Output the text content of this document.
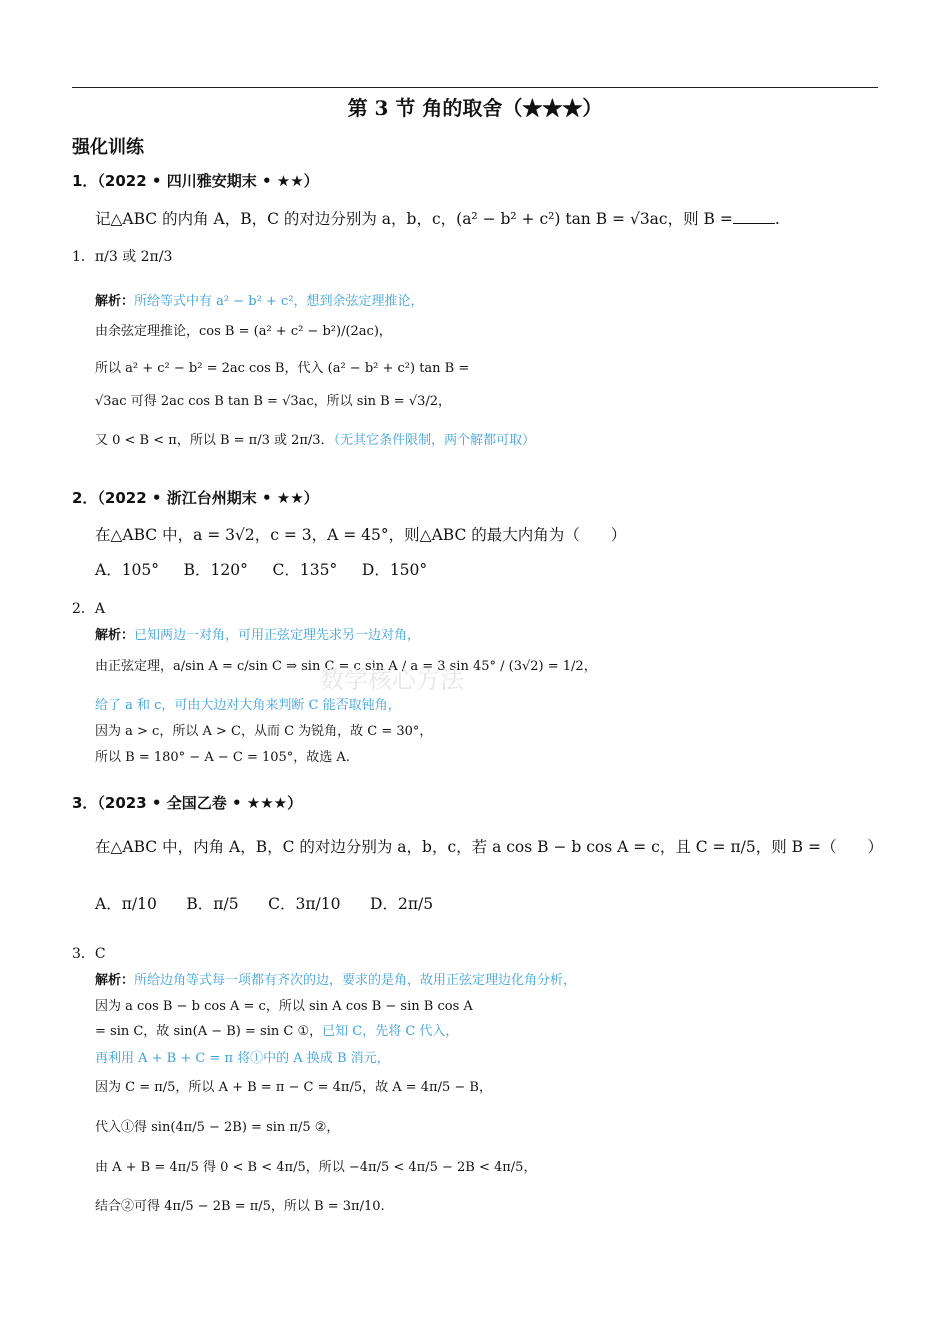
第 3 节 角的取舍（★★★）
强化训练
1．（2022 • 四川雅安期末 • ★★）
记△ABC 的内角 A，B，C 的对边分别为 a，b，c，(a² − b² + c²) tan B = √3ac，则 B =	.
1．π/3 或 2π/3
解析：所给等式中有 a² − b² + c²，想到余弦定理推论，
由余弦定理推论，cos B = (a² + c² − b²)/(2ac)，
所以 a² + c² − b² = 2ac cos B，代入 (a² − b² + c²) tan B =
√3ac 可得 2ac cos B tan B = √3ac，所以 sin B = √3/2，
又 0 < B < π，所以 B = π/3 或 2π/3．（无其它条件限制，两个解都可取）
2．（2022 • 浙江台州期末 • ★★）
在△ABC 中，a = 3√2，c = 3，A = 45°，则△ABC 的最大内角为（　　）
A．105° B．120° C．135° D．150°
2．A
解析：已知两边一对角，可用正弦定理先求另一边对角，
由正弦定理，a/sin A = c/sin C ⇒ sin C = c sin A / a = 3 sin 45° / (3√2) = 1/2，
给了 a 和 c，可由大边对大角来判断 C 能否取钝角，
因为 a > c，所以 A > C，从而 C 为锐角，故 C = 30°，
所以 B = 180° − A − C = 105°，故选 A.
3．（2023 • 全国乙卷 • ★★★）
在△ABC 中，内角 A，B，C 的对边分别为 a，b，c，若 a cos B − b cos A = c，且 C = π/5，则 B =（　　）
A．π/10 B．π/5 C．3π/10 D．2π/5
3．C
解析：所给边角等式每一项都有齐次的边，要求的是角，故用正弦定理边化角分析，
因为 a cos B − b cos A = c，所以 sin A cos B − sin B cos A
= sin C，故 sin(A − B) = sin C ①，已知 C，先将 C 代入，
再利用 A + B + C = π 将①中的 A 换成 B 消元，
因为 C = π/5，所以 A + B = π − C = 4π/5，故 A = 4π/5 − B，
代入①得 sin(4π/5 − 2B) = sin π/5 ②，
由 A + B = 4π/5 得 0 < B < 4π/5，所以 −4π/5 < 4π/5 − 2B < 4π/5，
结合②可得 4π/5 − 2B = π/5，所以 B = 3π/10.
数学核心方法
